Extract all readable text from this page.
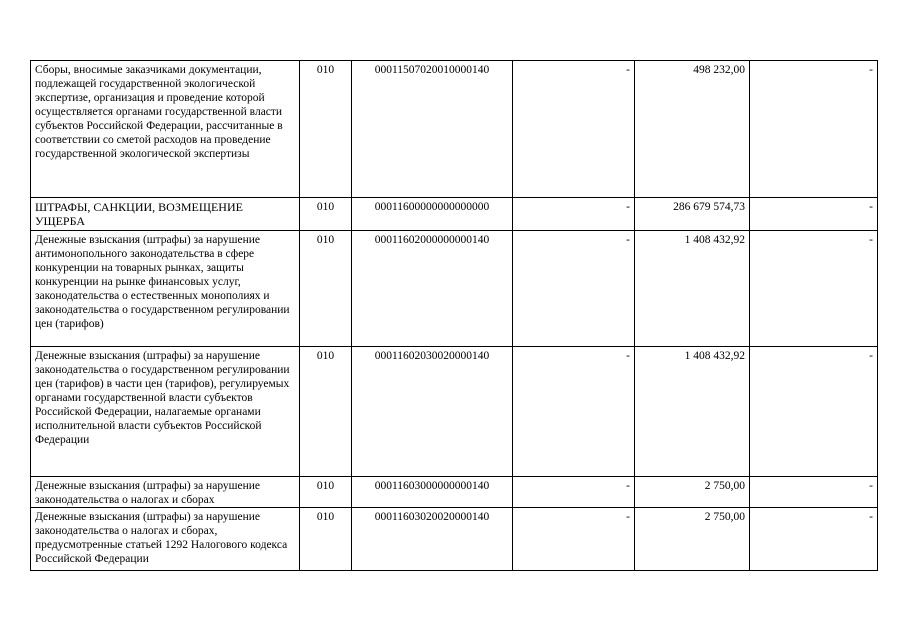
Сборы, вносимые заказчиками документации, подлежащей государственной экологической экспертизе, организация и проведение которой осуществляется органами государственной власти субъектов Российской Федерации, рассчитанные в соответствии со сметой расходов на проведение государственной экологической экспертизы	010	00011507020010000140	-	498 232,00	-

ШТРАФЫ, САНКЦИИ, ВОЗМЕЩЕНИЕ УЩЕРБА	010	00011600000000000000	-	286 679 574,73	-

Денежные взыскания (штрафы) за нарушение антимонопольного законодательства в сфере конкуренции на товарных рынках, защиты конкуренции на рынке финансовых услуг, законодательства о естественных монополиях и законодательства о государственном регулировании цен (тарифов)	010	00011602000000000140	-	1 408 432,92	-

Денежные взыскания (штрафы) за нарушение законодательства о государственном регулировании цен (тарифов) в части цен (тарифов), регулируемых органами государственной власти субъектов Российской Федерации, налагаемые органами исполнительной власти субъектов Российской Федерации	010	00011602030020000140	-	1 408 432,92	-

Денежные взыскания (штрафы) за нарушение законодательства о налогах и сборах	010	00011603000000000140	-	2 750,00	-

Денежные взыскания (штрафы) за нарушение законодательства о налогах и сборах, предусмотренные статьей 1292 Налогового кодекса Российской Федерации	010	00011603020020000140	-	2 750,00	-
